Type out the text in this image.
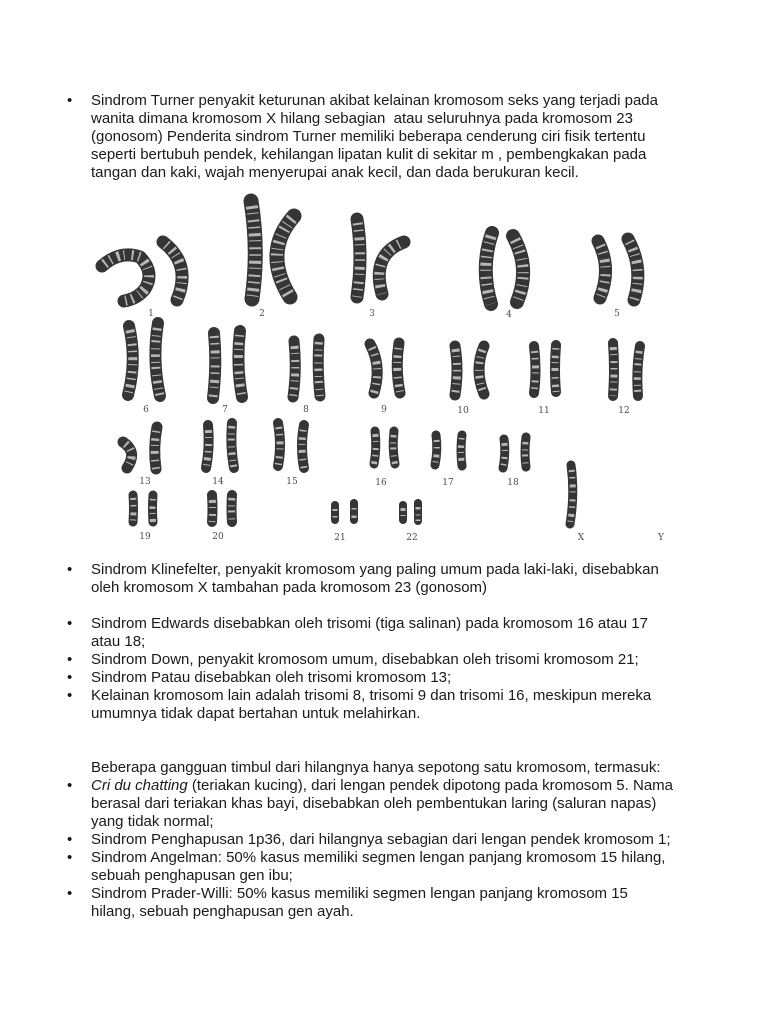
• Sindrom Turner penyakit keturunan akibat kelainan kromosom seks yang terjadi pada
wanita dimana kromosom X hilang sebagian  atau seluruhnya pada kromosom 23
(gonosom) Penderita sindrom Turner memiliki beberapa cenderung ciri fisik tertentu
seperti bertubuh pendek, kehilangan lipatan kulit di sekitar m , pembengkakan pada
tangan dan kaki, wajah menyerupai anak kecil, dan dada berukuran kecil.
1	2	3	4	5
6	7	8	9	10	11	12
13	14	15	16	17	18
19	20	21	22	X	Y
• Sindrom Klinefelter, penyakit kromosom yang paling umum pada laki-laki, disebabkan
oleh kromosom X tambahan pada kromosom 23 (gonosom)
• Sindrom Edwards disebabkan oleh trisomi (tiga salinan) pada kromosom 16 atau 17
atau 18;
• Sindrom Down, penyakit kromosom umum, disebabkan oleh trisomi kromosom 21;
• Sindrom Patau disebabkan oleh trisomi kromosom 13;
• Kelainan kromosom lain adalah trisomi 8, trisomi 9 dan trisomi 16, meskipun mereka
umumnya tidak dapat bertahan untuk melahirkan.

Beberapa gangguan timbul dari hilangnya hanya sepotong satu kromosom, termasuk:

• Cri du chatting (teriakan kucing), dari lengan pendek dipotong pada kromosom 5. Nama
berasal dari teriakan khas bayi, disebabkan oleh pembentukan laring (saluran napas)
yang tidak normal;
• Sindrom Penghapusan 1p36, dari hilangnya sebagian dari lengan pendek kromosom 1;
• Sindrom Angelman: 50% kasus memiliki segmen lengan panjang kromosom 15 hilang,
sebuah penghapusan gen ibu;
• Sindrom Prader-Willi: 50% kasus memiliki segmen lengan panjang kromosom 15
hilang, sebuah penghapusan gen ayah.
